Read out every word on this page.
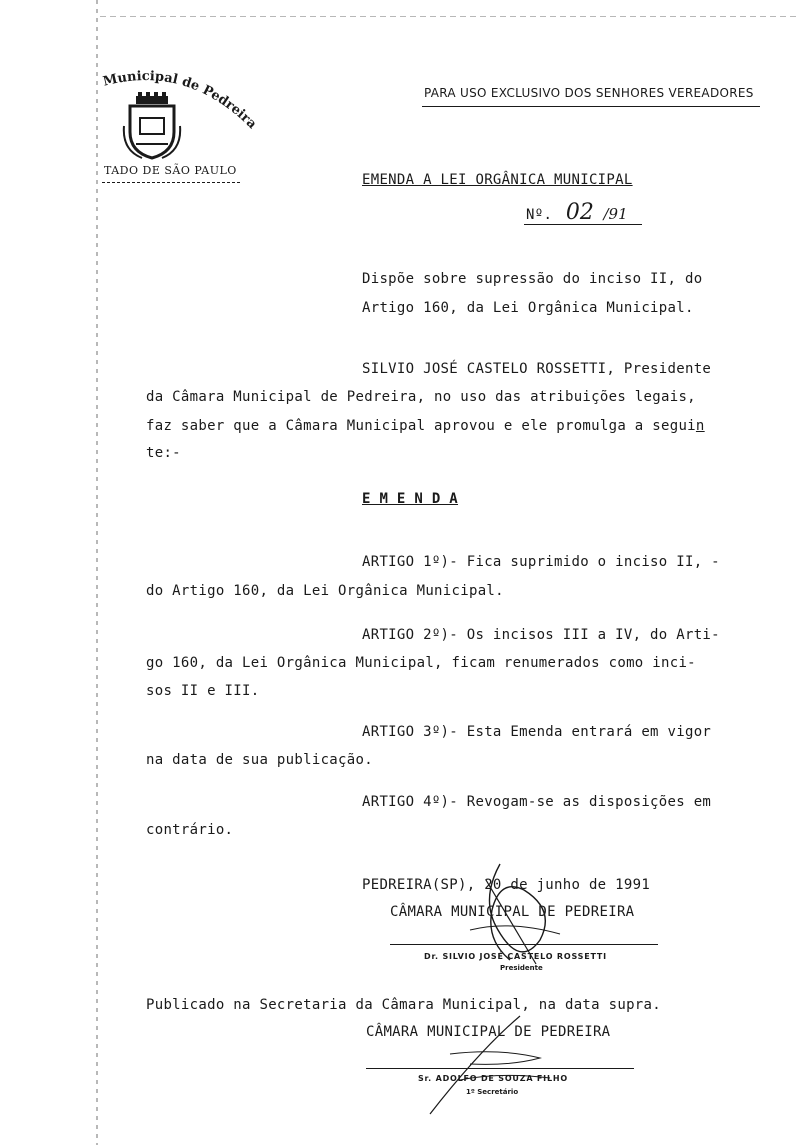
Municipal de Pedreira
TADO DE SÃO PAULO
PARA USO EXCLUSIVO DOS SENHORES VEREADORES
EMENDA A LEI ORGÂNICA MUNICIPAL
Nº. 02 /91
Dispõe sobre supressão do inciso II, do
Artigo 160, da Lei Orgânica Municipal.
SILVIO JOSÉ CASTELO ROSSETTI, Presidente
da Câmara Municipal de Pedreira, no uso das atribuições legais,
faz saber que a Câmara Municipal aprovou e ele promulga a seguin
te:-
E M E N D A
ARTIGO 1º)- Fica suprimido o inciso II, -
do Artigo 160, da Lei Orgânica Municipal.
ARTIGO 2º)- Os incisos III a IV, do Arti-
go 160, da Lei Orgânica Municipal, ficam renumerados como inci-
sos II e III.
ARTIGO 3º)- Esta Emenda entrará em vigor
na data de sua publicação.
ARTIGO 4º)- Revogam-se as disposições em
contrário.
PEDREIRA(SP), 20 de junho de 1991
CÂMARA MUNICIPAL DE PEDREIRA
Dr. SILVIO JOSÉ CASTELO ROSSETTI
Presidente
Publicado na Secretaria da Câmara Municipal, na data supra.
CÂMARA MUNICIPAL DE PEDREIRA
Sr. ADOLFO DE SOUZA FILHO
1º Secretário
